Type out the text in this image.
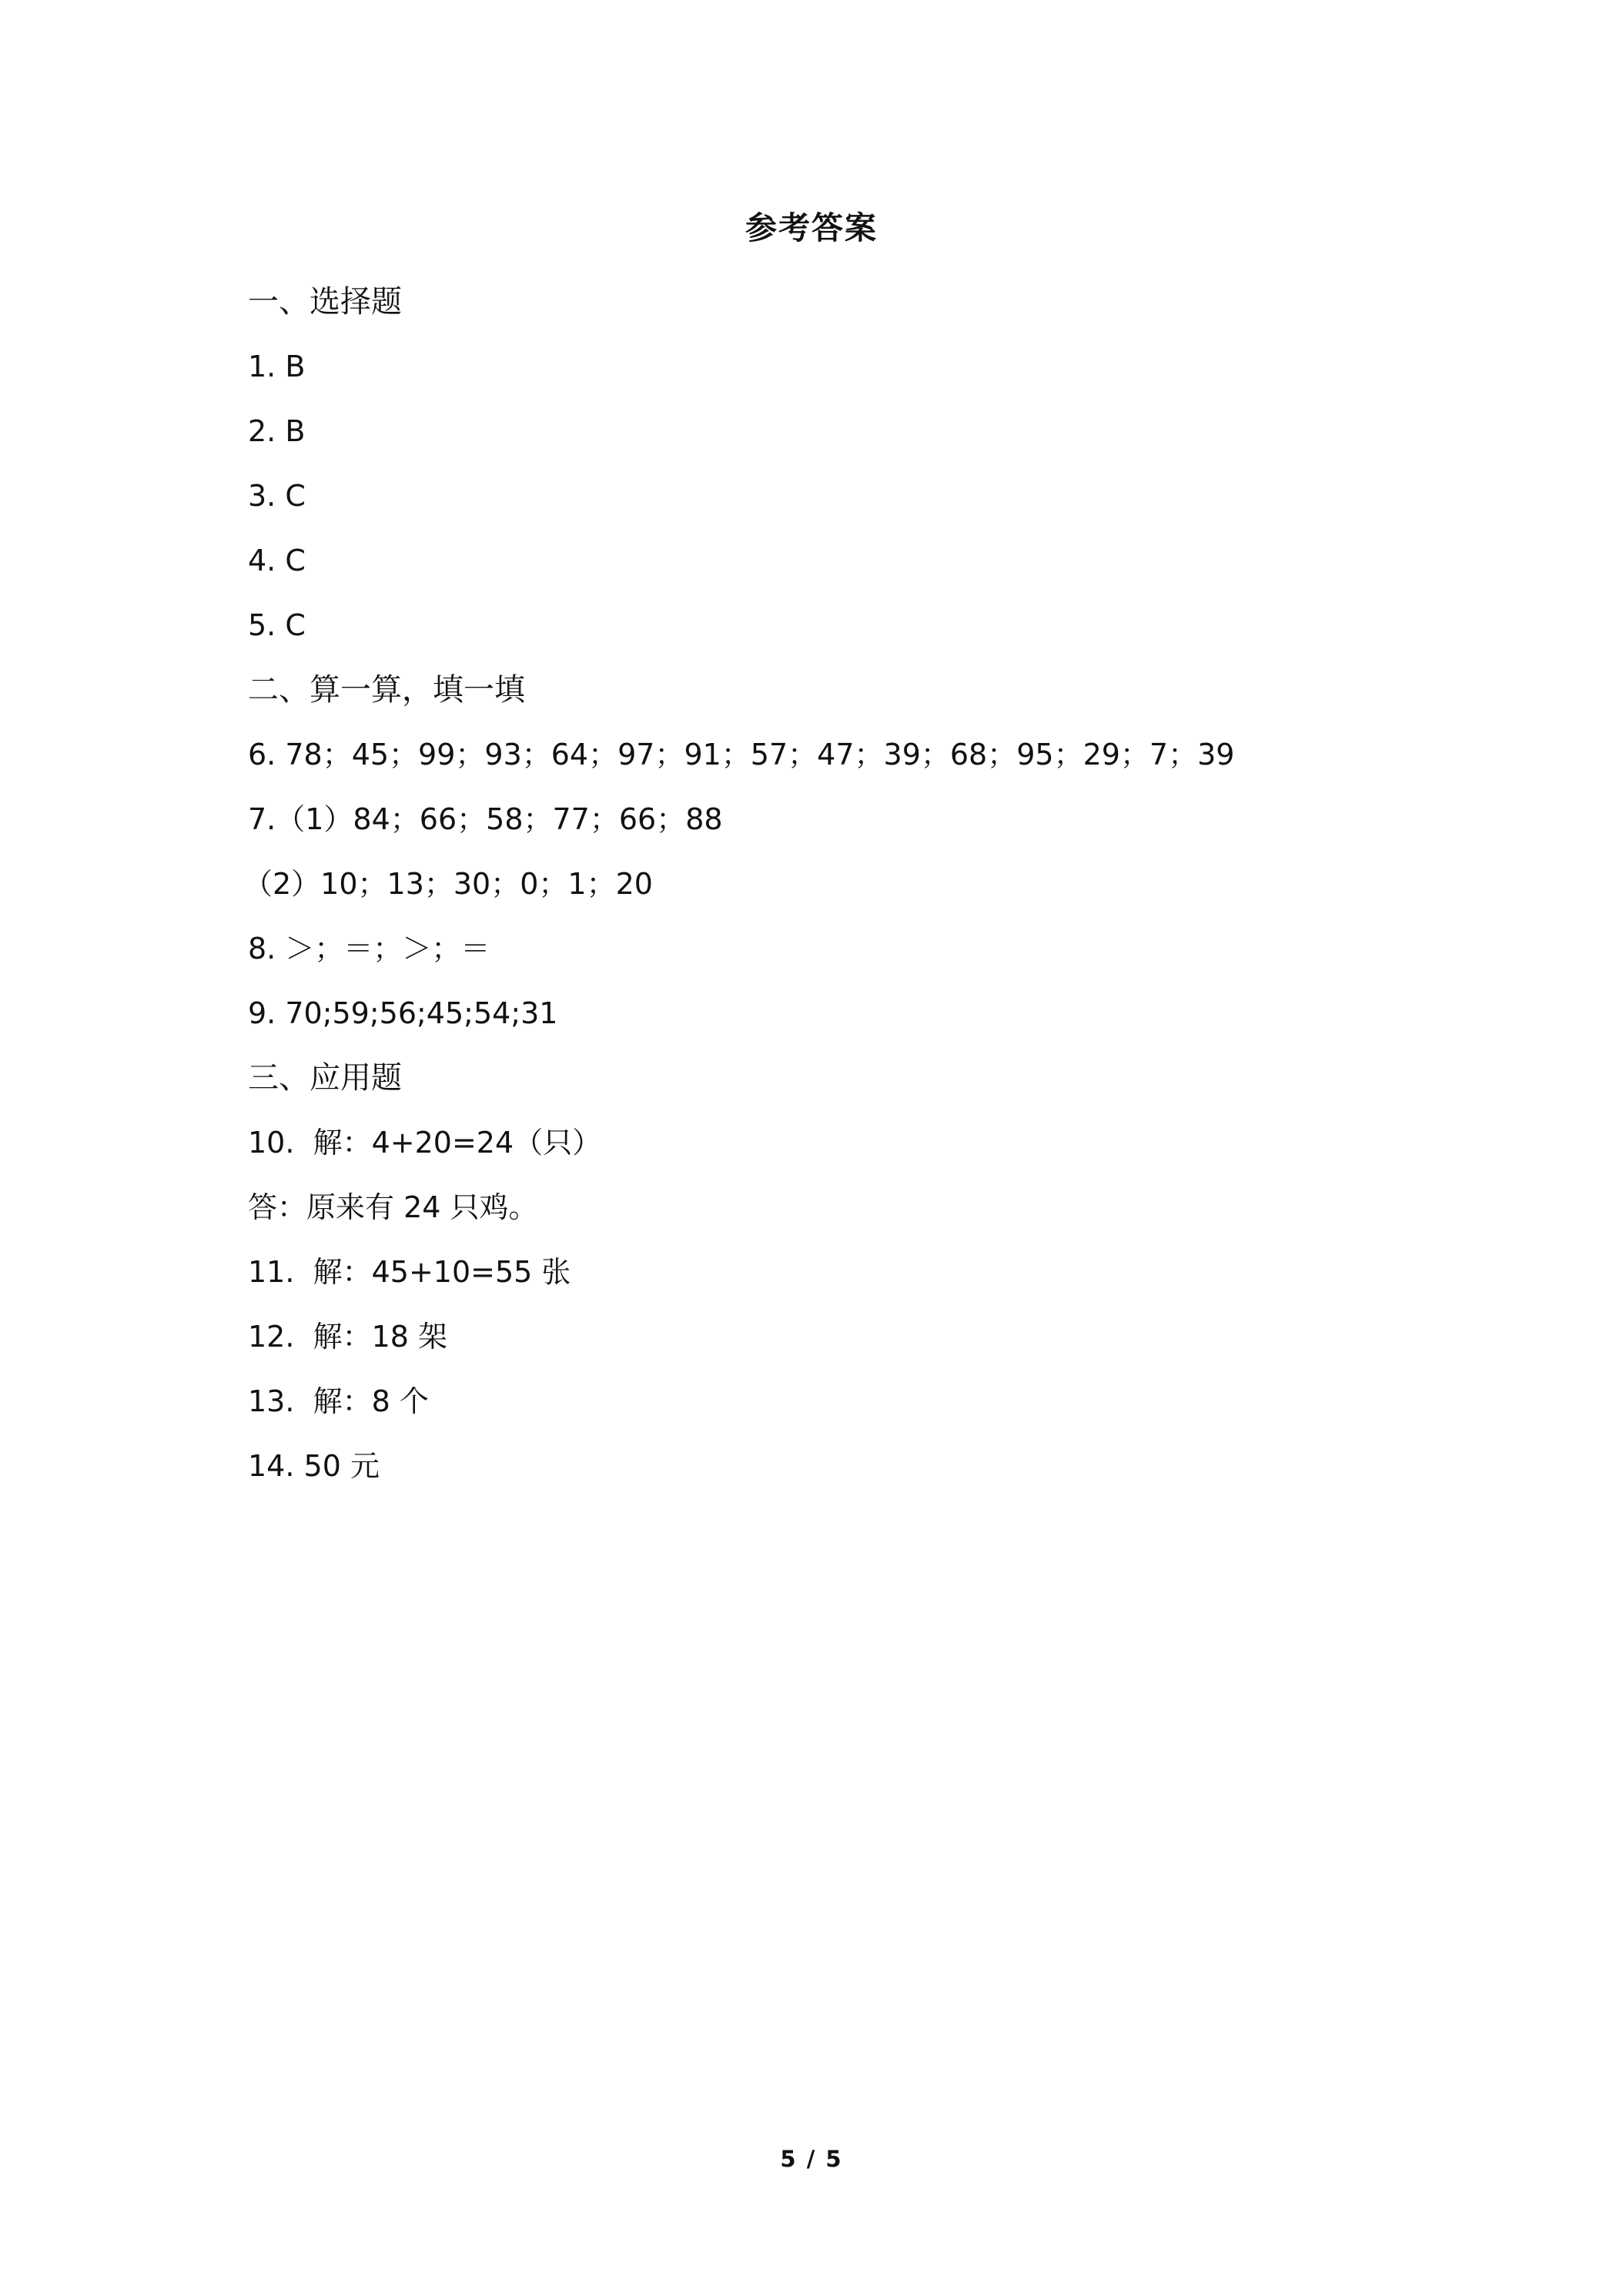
参考答案
一、选择题
1. B
2. B
3. C
4. C
5. C
二、算一算，填一填
6. 78；45；99；93；64；97；91；57；47；39；68；95；29；7；39
7.（1）84；66；58；77；66；88
（2）10；13；30；0；1；20
8. ＞；＝；＞；＝
9. 70;59;56;45;54;31
三、应用题
10.  解：4+20=24（只）
答：原来有 24 只鸡。
11.  解：45+10=55 张
12.  解：18 架
13.  解：8 个
14. 50 元
5 / 5
